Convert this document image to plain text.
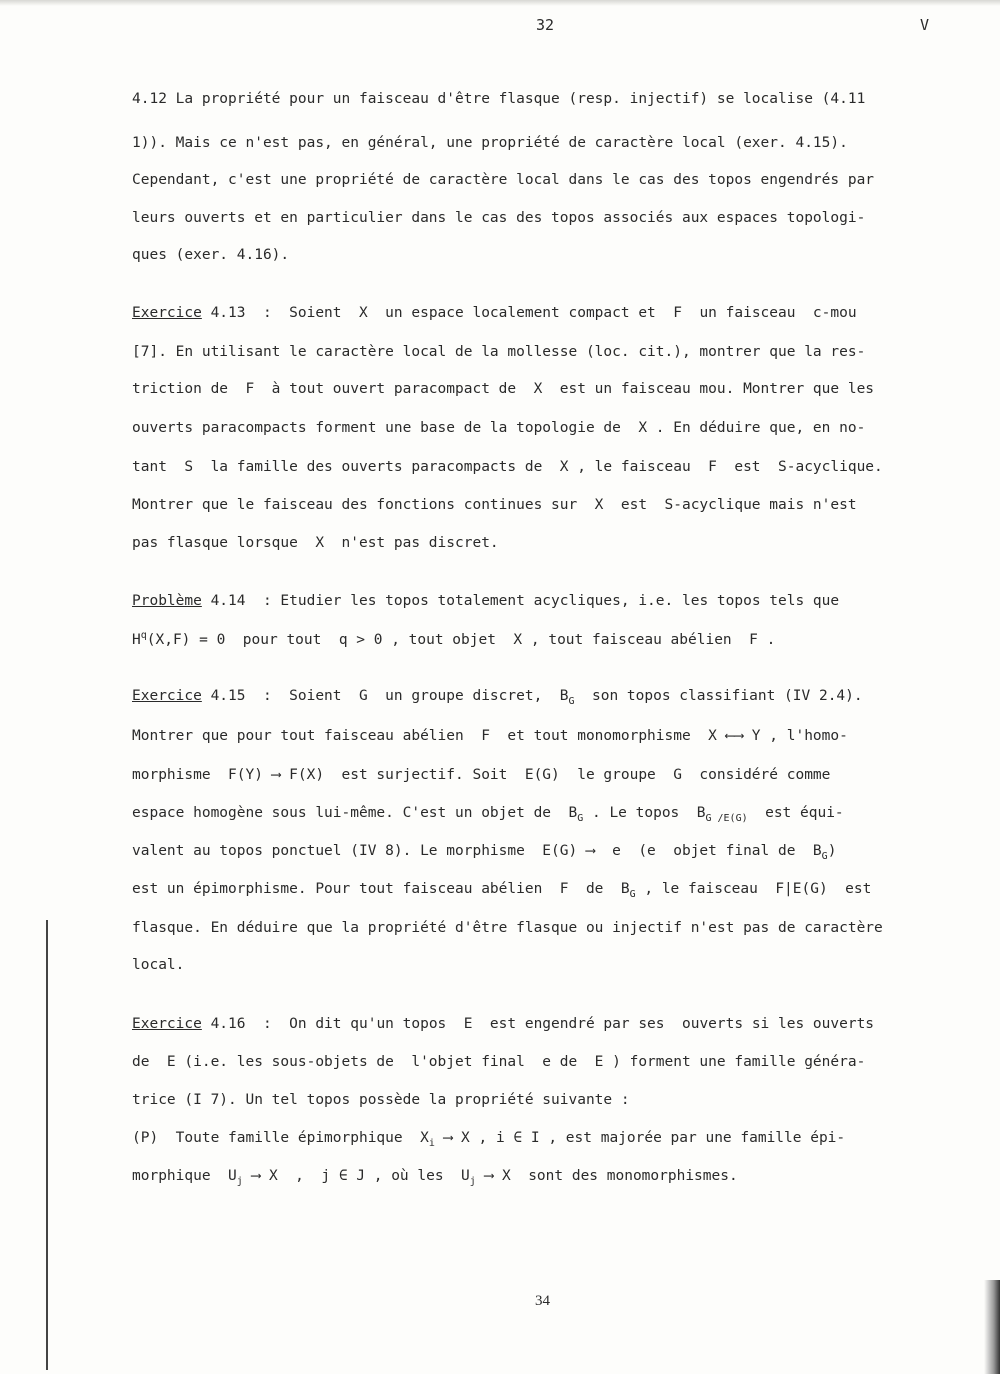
32	V
4.12 La propriété pour un faisceau d'être flasque (resp. injectif) se localise (4.11
1)). Mais ce n'est pas, en général, une propriété de caractère local (exer. 4.15).
Cependant, c'est une propriété de caractère local dans le cas des topos engendrés par
leurs ouverts et en particulier dans le cas des topos associés aux espaces topologi-
ques (exer. 4.16).
Exercice 4.13  :  Soient  X  un espace localement compact et  F  un faisceau  c-mou
[7]. En utilisant le caractère local de la mollesse (loc. cit.), montrer que la res-
triction de  F  à tout ouvert paracompact de  X  est un faisceau mou. Montrer que les
ouverts paracompacts forment une base de la topologie de  X . En déduire que, en no-
tant  S  la famille des ouverts paracompacts de  X , le faisceau  F  est  S-acyclique.
Montrer que le faisceau des fonctions continues sur  X  est  S-acyclique mais n'est
pas flasque lorsque  X  n'est pas discret.
Problème 4.14  : Etudier les topos totalement acycliques, i.e. les topos tels que
$H^q(X,F) = 0$  pour tout  q > 0 , tout objet  X , tout faisceau abélien  F .
Exercice 4.15  :  Soient  G  un groupe discret,  $B_G$  son topos classifiant (IV 2.4).
Montrer que pour tout faisceau abélien  F  et tout monomorphisme  X ⟵⟶ Y , l'homo-
morphisme  F(Y) ⟶ F(X)  est surjectif. Soit  E(G)  le groupe  G  considéré comme
espace homogène sous lui-même. C'est un objet de  $B_G$ . Le topos  $B_{G /E(G)}$  est équi-
valent au topos ponctuel (IV 8). Le morphisme  E(G) ⟶  e  (e  objet final de  $B_G$)
est un épimorphisme. Pour tout faisceau abélien  F  de  $B_G$ , le faisceau  F|E(G)  est
flasque. En déduire que la propriété d'être flasque ou injectif n'est pas de caractère
local.
Exercice 4.16  :  On dit qu'un topos  E  est engendré par ses  ouverts si les ouverts
de  E (i.e. les sous-objets de  l'objet final  e de  E ) forment une famille généra-
trice (I 7). Un tel topos possède la propriété suivante :
(P)  Toute famille épimorphique  $X_i$ ⟶ X , i ∈ I , est majorée par une famille épi-
morphique  $U_j$ ⟶ X  ,  j ∈ J , où les  $U_j$ ⟶ X  sont des monomorphismes.
34
